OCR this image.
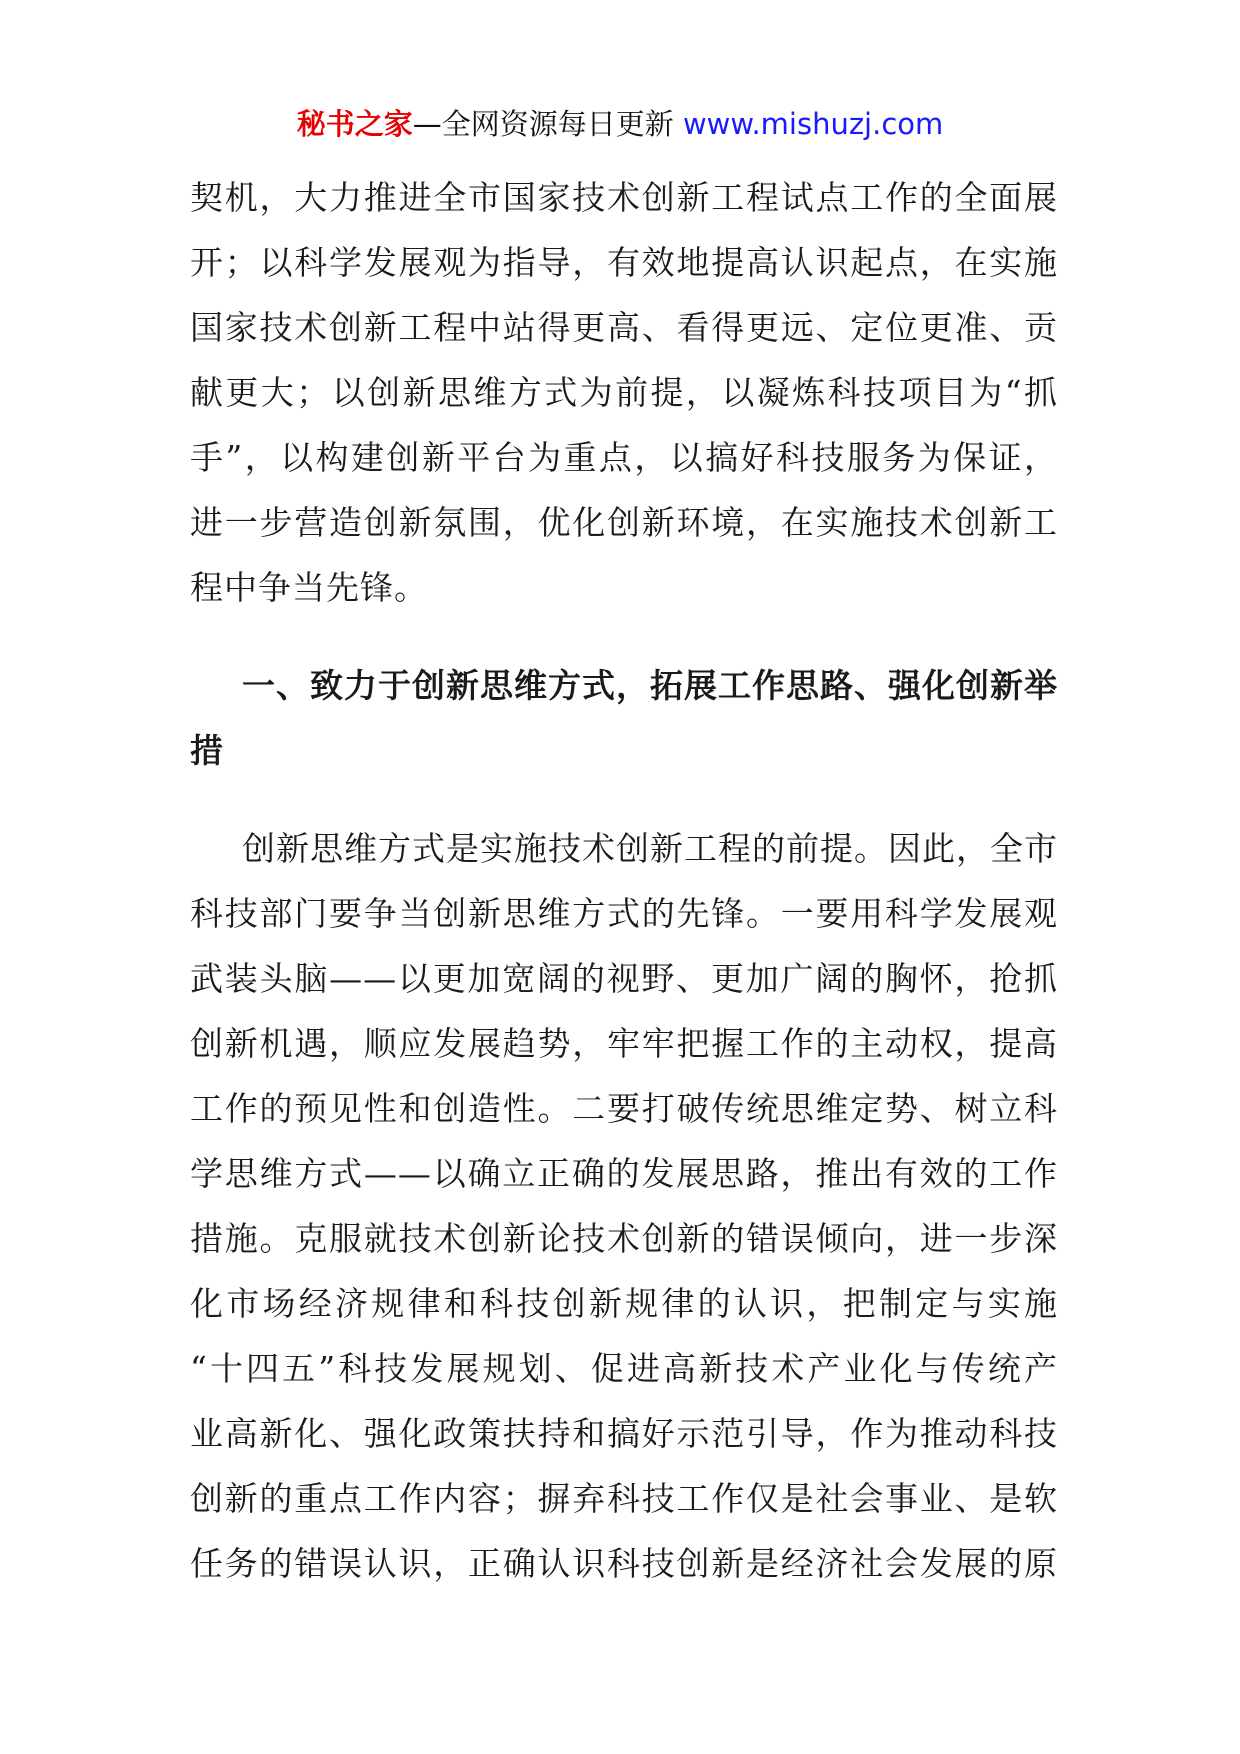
秘书之家—全网资源每日更新 www.mishuzj.com
契机，大力推进全市国家技术创新工程试点工作的全面展
开；以科学发展观为指导，有效地提高认识起点，在实施
国家技术创新工程中站得更高、看得更远、定位更准、贡
献更大；以创新思维方式为前提，以凝炼科技项目为“抓
手”，以构建创新平台为重点，以搞好科技服务为保证，
进一步营造创新氛围，优化创新环境，在实施技术创新工
程中争当先锋。
一、致力于创新思维方式，拓展工作思路、强化创新举
措
创新思维方式是实施技术创新工程的前提。因此，全市
科技部门要争当创新思维方式的先锋。一要用科学发展观
武装头脑——以更加宽阔的视野、更加广阔的胸怀，抢抓
创新机遇，顺应发展趋势，牢牢把握工作的主动权，提高
工作的预见性和创造性。二要打破传统思维定势、树立科
学思维方式——以确立正确的发展思路，推出有效的工作
措施。克服就技术创新论技术创新的错误倾向，进一步深
化市场经济规律和科技创新规律的认识，把制定与实施
“十四五”科技发展规划、促进高新技术产业化与传统产
业高新化、强化政策扶持和搞好示范引导，作为推动科技
创新的重点工作内容；摒弃科技工作仅是社会事业、是软
任务的错误认识，正确认识科技创新是经济社会发展的原
